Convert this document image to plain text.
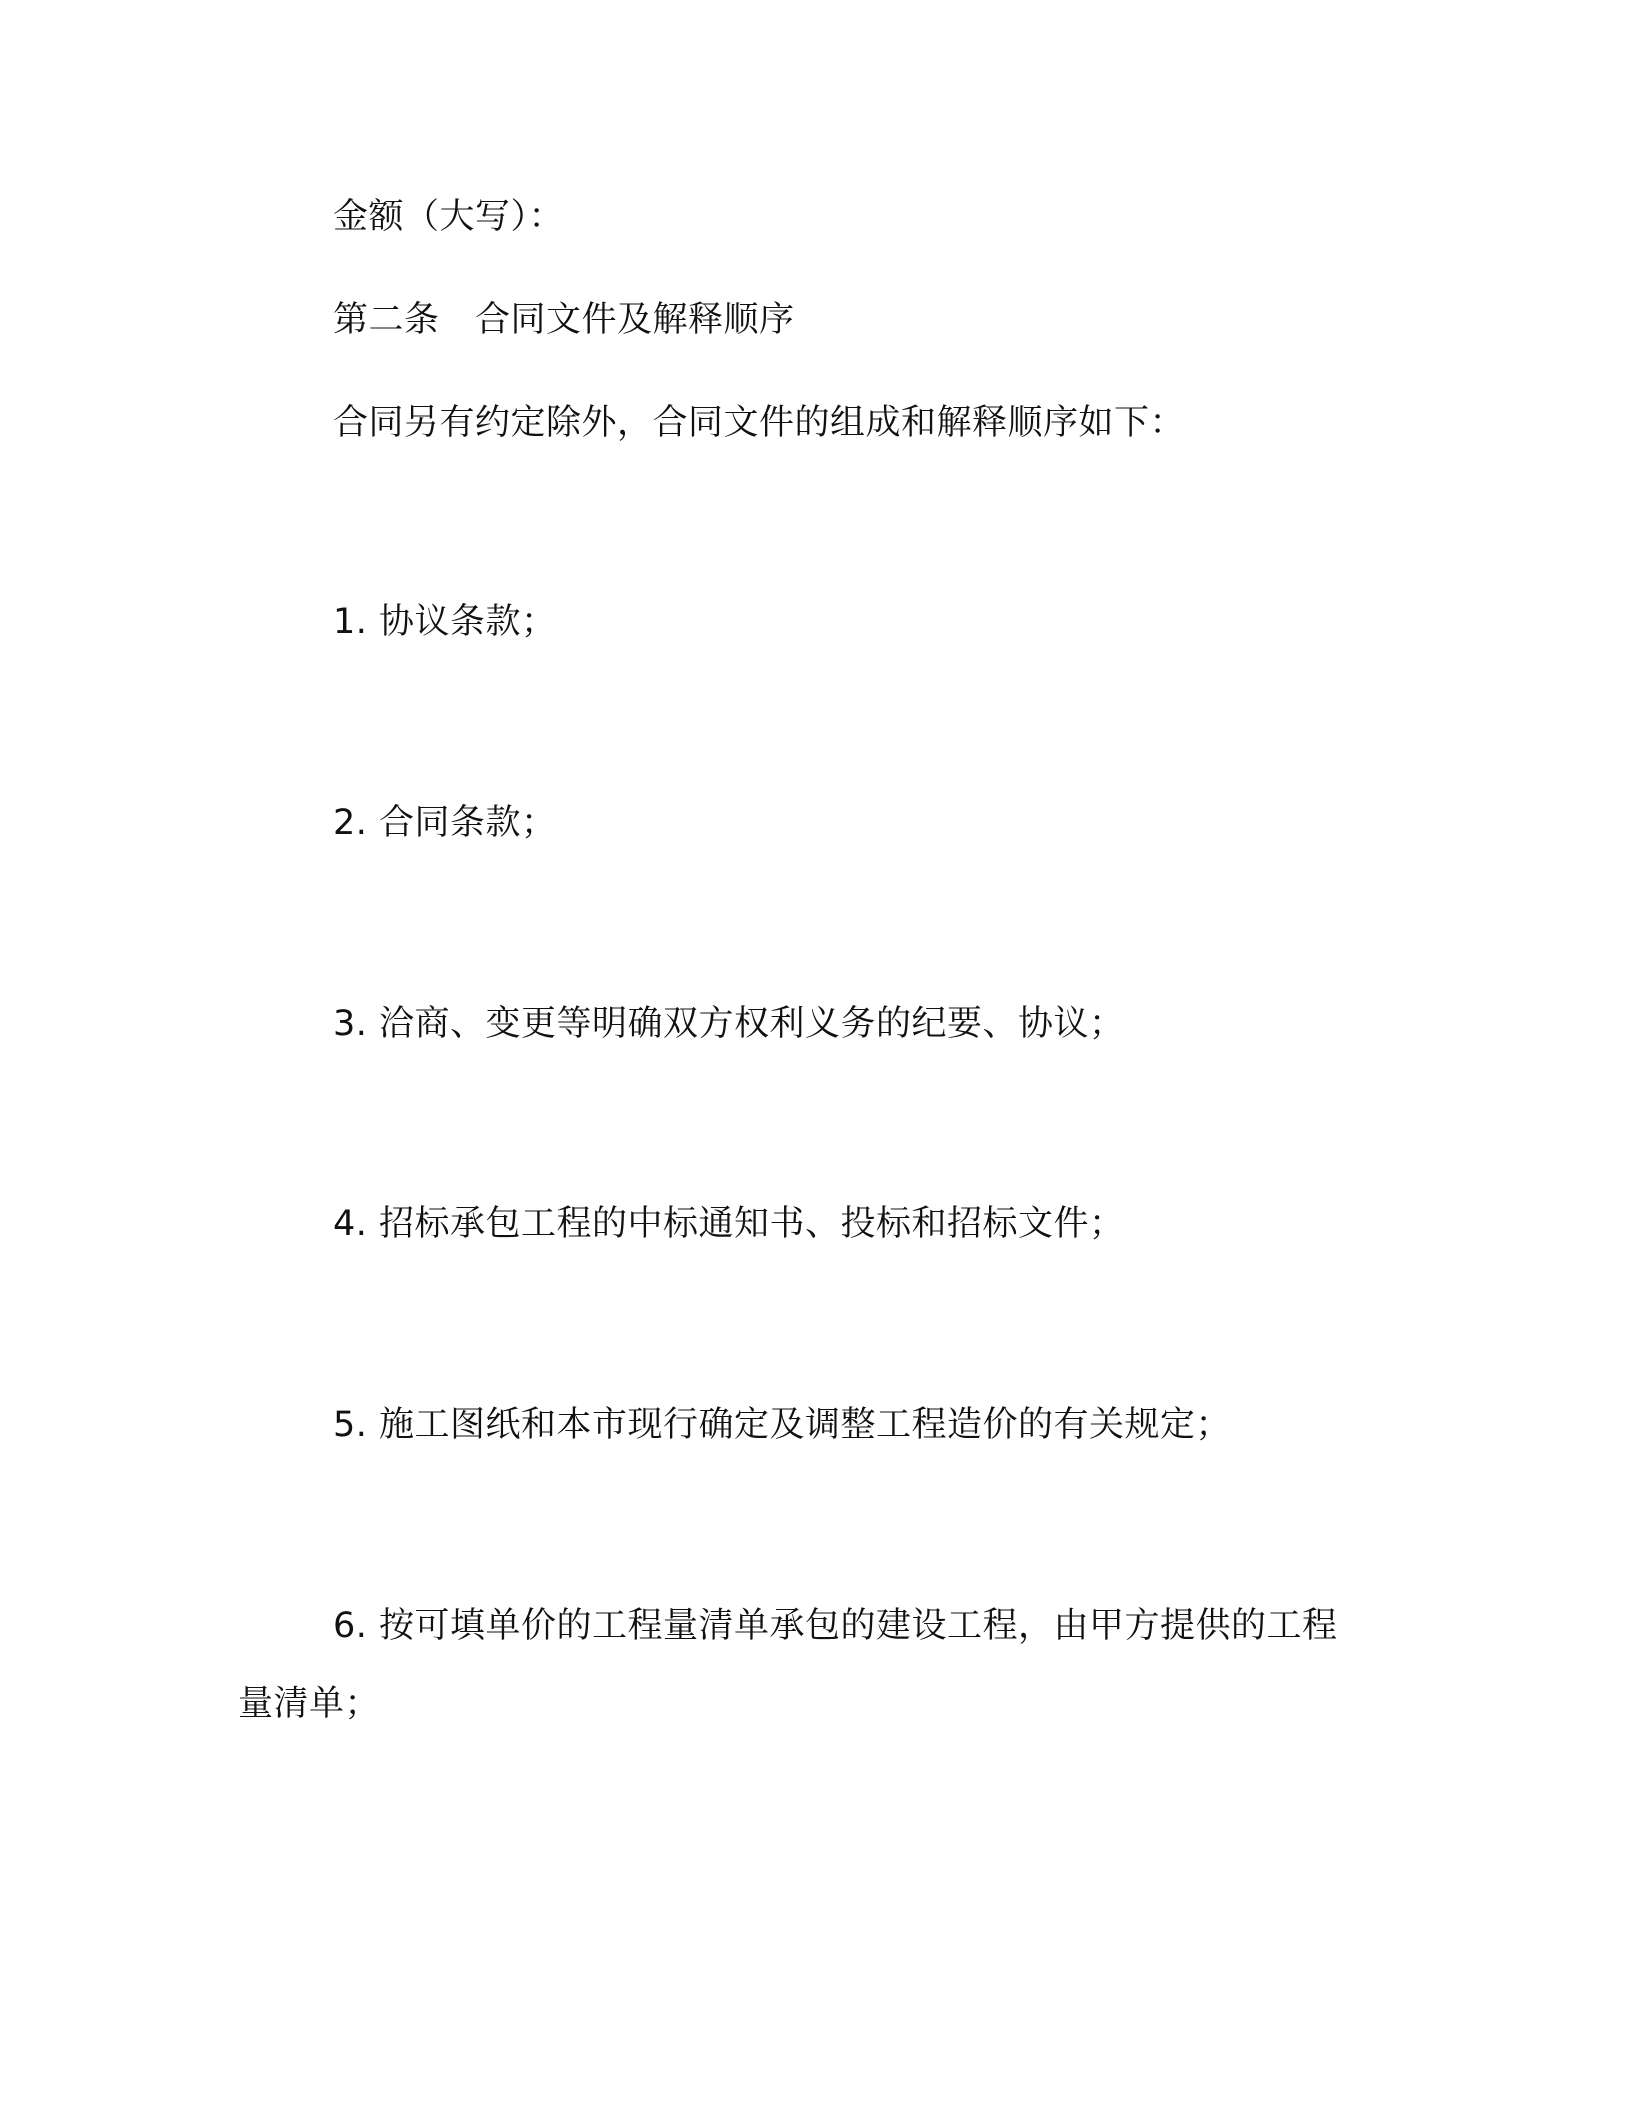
金额（大写）：
第二条　合同文件及解释顺序
合同另有约定除外，合同文件的组成和解释顺序如下：
1. 协议条款；
2. 合同条款；
3. 洽商、变更等明确双方权利义务的纪要、协议；
4. 招标承包工程的中标通知书、投标和招标文件；
5. 施工图纸和本市现行确定及调整工程造价的有关规定；
6. 按可填单价的工程量清单承包的建设工程，由甲方提供的工程
量清单；
